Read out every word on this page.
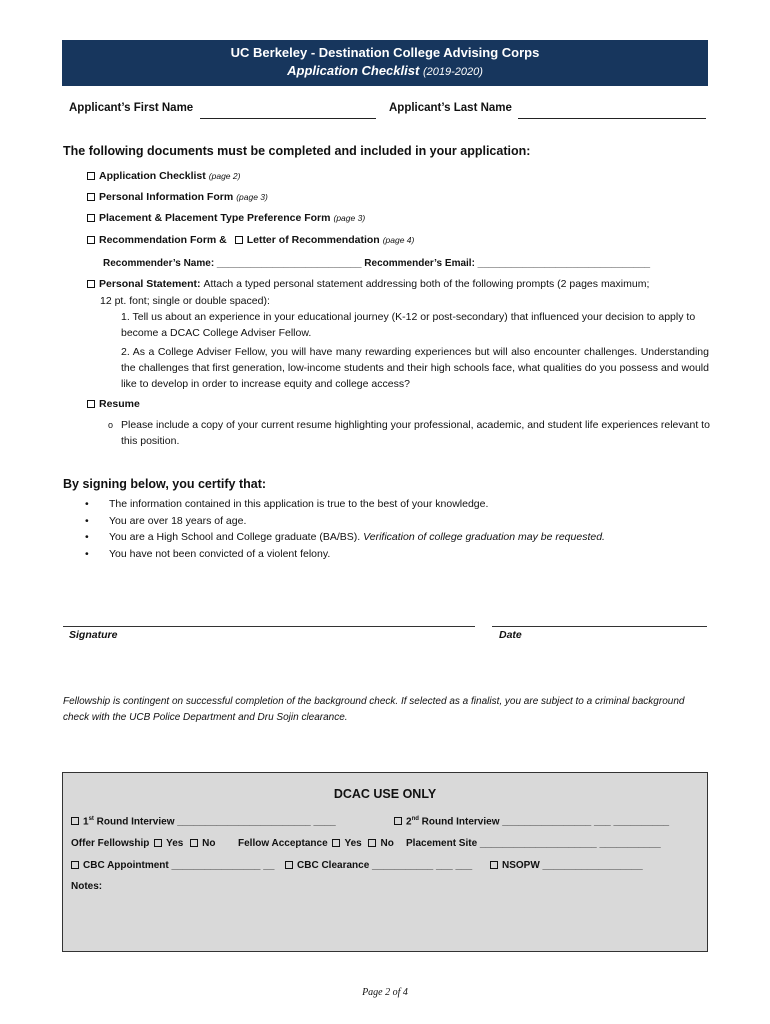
UC Berkeley - Destination College Advising Corps
Application Checklist (2019-2020)
Applicant’s First Name	Applicant’s Last Name
The following documents must be completed and included in your application:
Application Checklist (page 2)
Personal Information Form (page 3)
Placement & Placement Type Preference Form (page 3)
Recommendation Form & Letter of Recommendation (page 4)
Recommender’s Name: __________________________ Recommender’s Email: _______________________________
Personal Statement: Attach a typed personal statement addressing both of the following prompts (2 pages maximum;
12 pt. font; single or double spaced):
1. Tell us about an experience in your educational journey (K-12 or post-secondary) that influenced your decision to apply to become a DCAC College Adviser Fellow.
2. As a College Adviser Fellow, you will have many rewarding experiences but will also encounter challenges. Understanding the challenges that first generation, low-income students and their high schools face, what qualities do you possess and would like to develop in order to increase equity and college access?
Resume
o Please include a copy of your current resume highlighting your professional, academic, and student life experiences relevant to this position.
By signing below, you certify that:
• The information contained in this application is true to the best of your knowledge.
• You are over 18 years of age.
• You are a High School and College graduate (BA/BS). Verification of college graduation may be requested.
• You have not been convicted of a violent felony.
Signature	Date
Fellowship is contingent on successful completion of the background check. If selected as a finalist, you are subject to a criminal background check with the UCB Police Department and Dru Sojin clearance.
DCAC USE ONLY
1st Round Interview ________________________ ____	2nd Round Interview ________________ ___ __________
Offer Fellowship Yes No Fellow Acceptance Yes No Placement Site _____________________ ___________
CBC Appointment ________________ __	CBC Clearance ___________ ___ ___	NSOPW __________________
Notes:
Page 2 of 4
